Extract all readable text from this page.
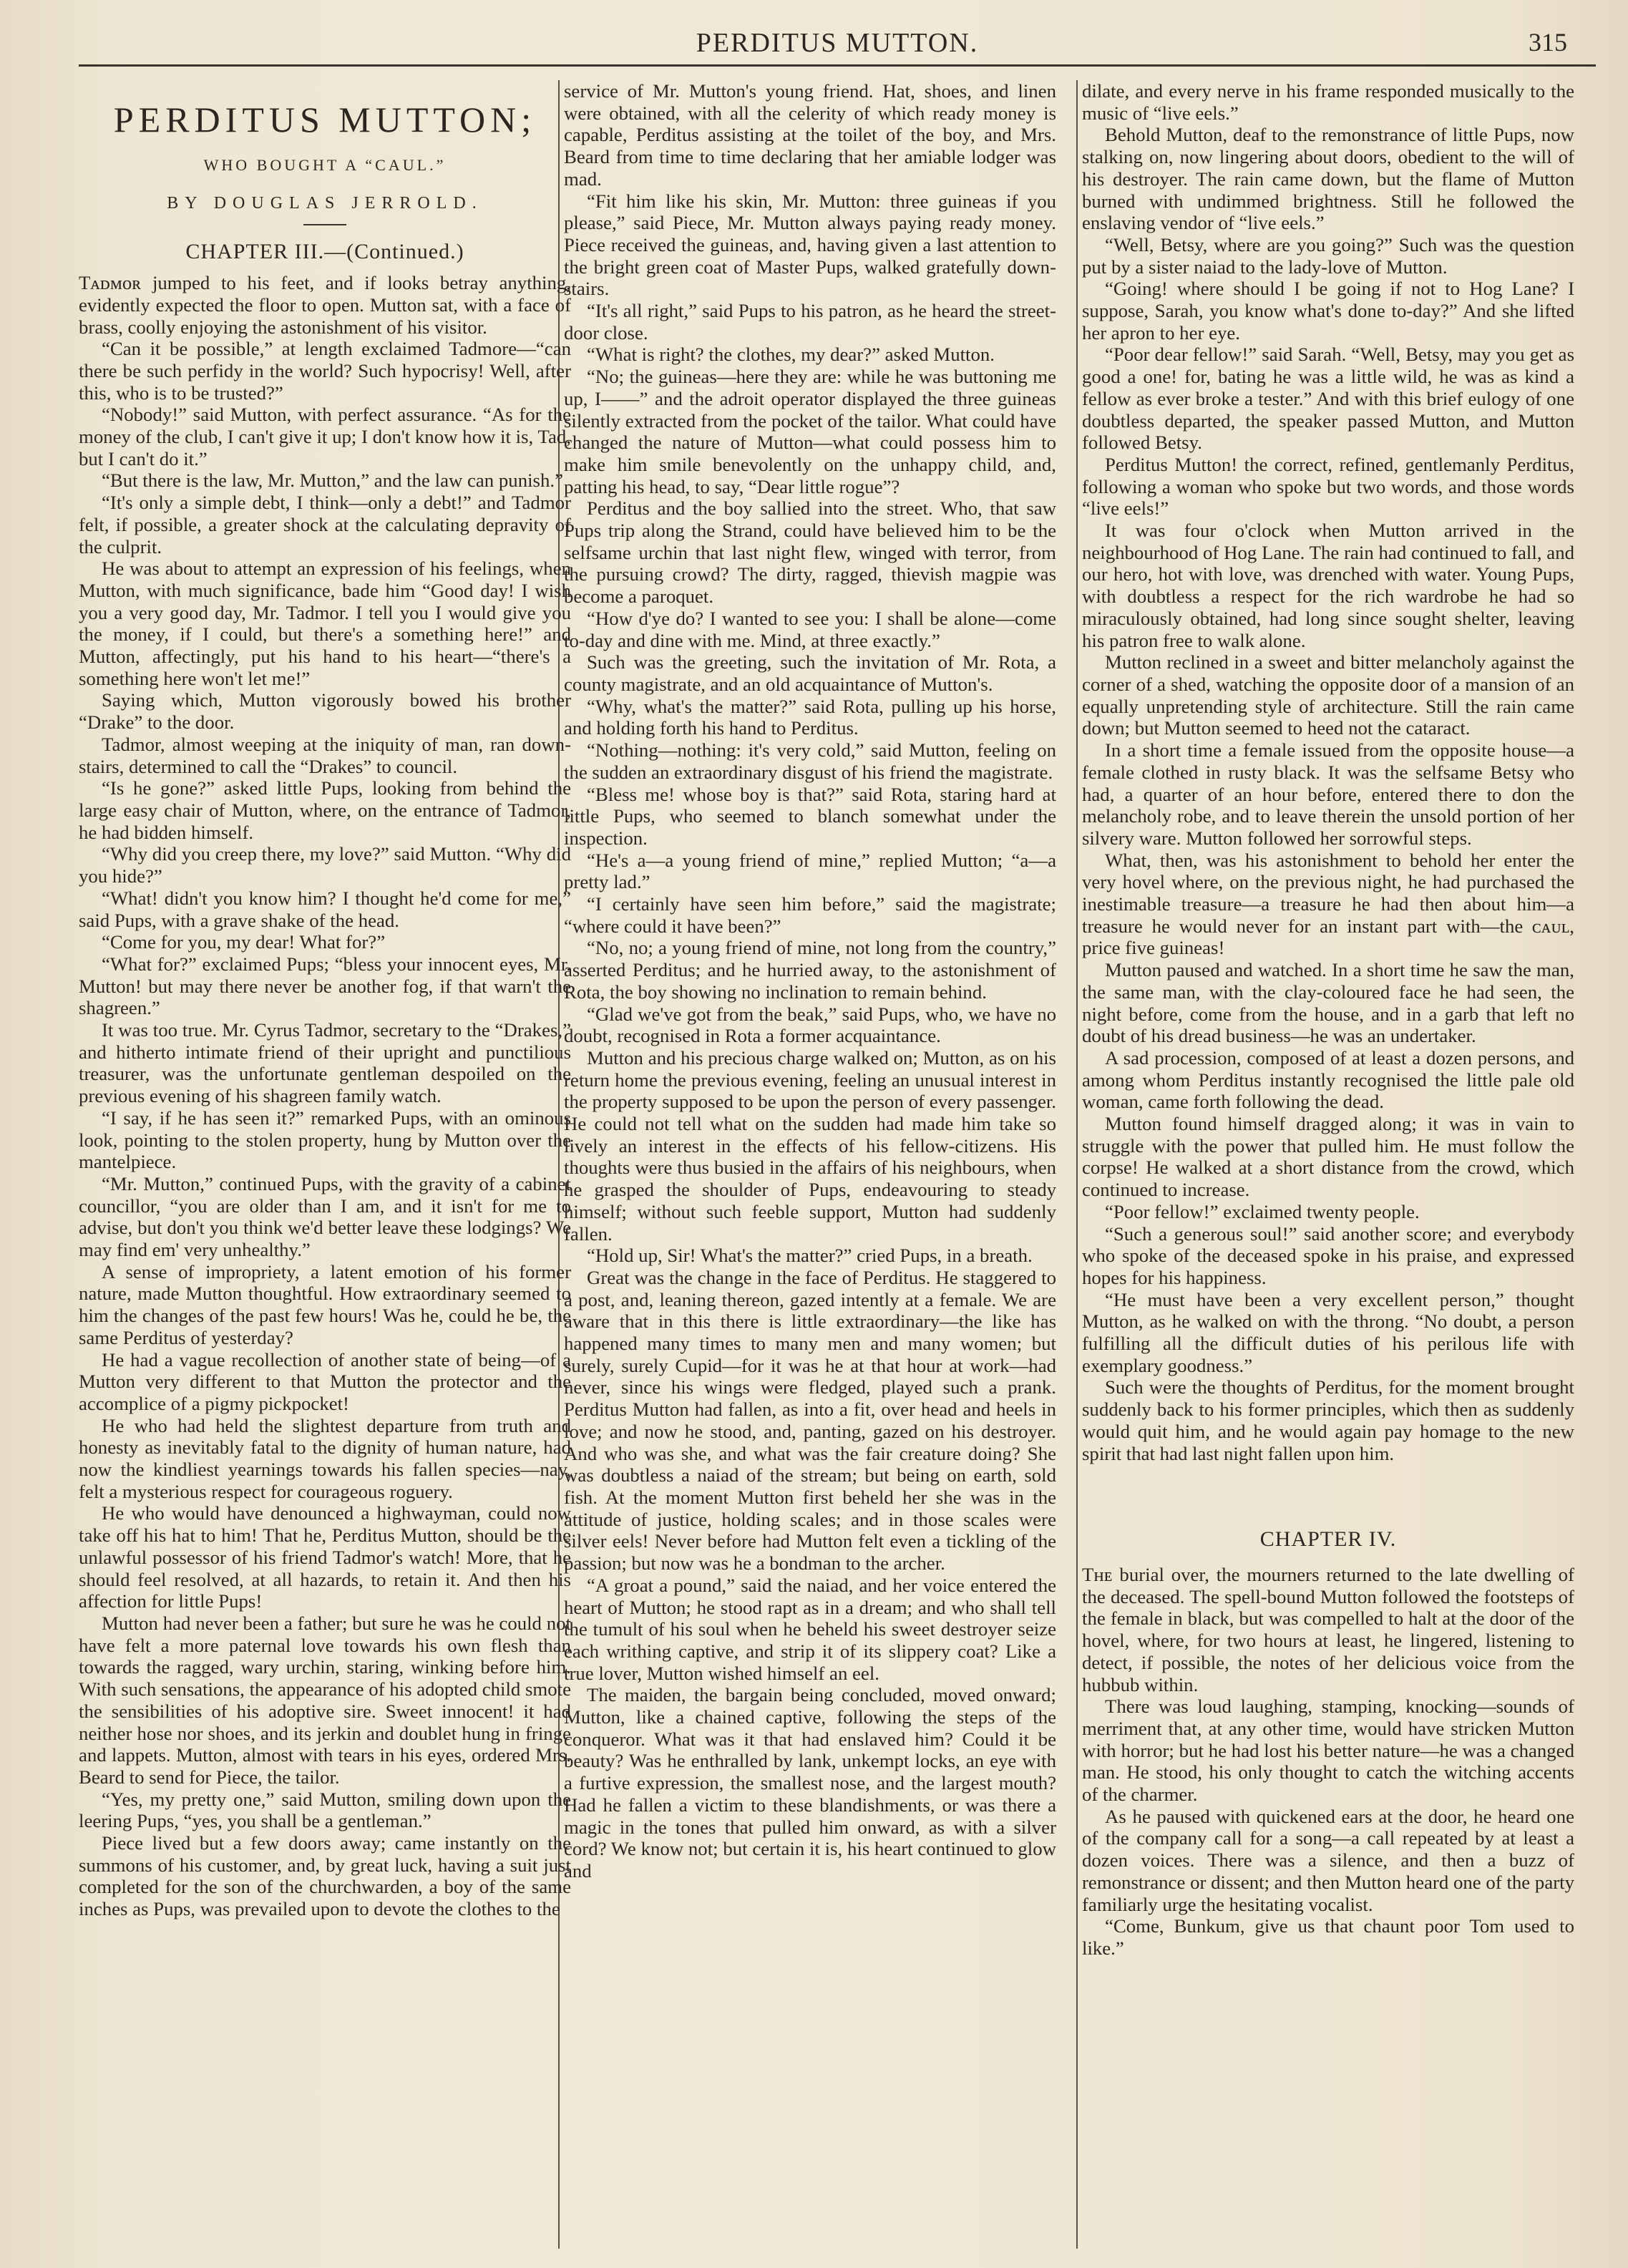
PERDITUS MUTTON.	315
PERDITUS MUTTON;
WHO BOUGHT A “CAUL.”
BY DOUGLAS JERROLD.
CHAPTER III.—(Continued.)

Tᴀᴅᴍᴏʀ jumped to his feet, and if looks betray anything, evidently expected the floor to open. Mutton sat, with a face of brass, coolly enjoying the astonishment of his visitor.

“Can it be possible,” at length exclaimed Tadmore—“can there be such perfidy in the world? Such hypocrisy! Well, after this, who is to be trusted?”

“Nobody!” said Mutton, with perfect assurance. “As for the money of the club, I can't give it up; I don't know how it is, Tad, but I can't do it.”

“But there is the law, Mr. Mutton,” and the law can punish.”

“It's only a simple debt, I think—only a debt!” and Tadmor felt, if possible, a greater shock at the calculating depravity of the culprit.

He was about to attempt an expression of his feelings, when Mutton, with much significance, bade him “Good day! I wish you a very good day, Mr. Tadmor. I tell you I would give you the money, if I could, but there's a something here!” and Mutton, affectingly, put his hand to his heart—“there's a something here won't let me!”

Saying which, Mutton vigorously bowed his brother “Drake” to the door.

Tadmor, almost weeping at the iniquity of man, ran down-stairs, determined to call the “Drakes” to council.

“Is he gone?” asked little Pups, looking from behind the large easy chair of Mutton, where, on the entrance of Tadmor, he had bidden himself.

“Why did you creep there, my love?” said Mutton. “Why did you hide?”

“What! didn't you know him? I thought he'd come for me,” said Pups, with a grave shake of the head.

“Come for you, my dear! What for?”

“What for?” exclaimed Pups; “bless your innocent eyes, Mr. Mutton! but may there never be another fog, if that warn't the shagreen.”

It was too true. Mr. Cyrus Tadmor, secretary to the “Drakes,” and hitherto intimate friend of their upright and punctilious treasurer, was the unfortunate gentleman despoiled on the previous evening of his shagreen family watch.

“I say, if he has seen it?” remarked Pups, with an ominous look, pointing to the stolen property, hung by Mutton over the mantelpiece.

“Mr. Mutton,” continued Pups, with the gravity of a cabinet councillor, “you are older than I am, and it isn't for me to advise, but don't you think we'd better leave these lodgings? We may find em' very unhealthy.”

A sense of impropriety, a latent emotion of his former nature, made Mutton thoughtful. How extraordinary seemed to him the changes of the past few hours! Was he, could he be, the same Perditus of yesterday?

He had a vague recollection of another state of being—of a Mutton very different to that Mutton the protector and the accomplice of a pigmy pickpocket!

He who had held the slightest departure from truth and honesty as inevitably fatal to the dignity of human nature, had now the kindliest yearnings towards his fallen species—nay, felt a mysterious respect for courageous roguery.

He who would have denounced a highwayman, could now take off his hat to him! That he, Perditus Mutton, should be the unlawful possessor of his friend Tadmor's watch! More, that he should feel resolved, at all hazards, to retain it. And then his affection for little Pups!

Mutton had never been a father; but sure he was he could not have felt a more paternal love towards his own flesh than towards the ragged, wary urchin, staring, winking before him. With such sensations, the appearance of his adopted child smote the sensibilities of his adoptive sire. Sweet innocent! it had neither hose nor shoes, and its jerkin and doublet hung in fringe and lappets. Mutton, almost with tears in his eyes, ordered Mrs. Beard to send for Piece, the tailor.

“Yes, my pretty one,” said Mutton, smiling down upon the leering Pups, “yes, you shall be a gentleman.”

Piece lived but a few doors away; came instantly on the summons of his customer, and, by great luck, having a suit just completed for the son of the churchwarden, a boy of the same inches as Pups, was prevailed upon to devote the clothes to the

service of Mr. Mutton's young friend. Hat, shoes, and linen were obtained, with all the celerity of which ready money is capable, Perditus assisting at the toilet of the boy, and Mrs. Beard from time to time declaring that her amiable lodger was mad.

“Fit him like his skin, Mr. Mutton: three guineas if you please,” said Piece, Mr. Mutton always paying ready money. Piece received the guineas, and, having given a last attention to the bright green coat of Master Pups, walked gratefully down-stairs.

“It's all right,” said Pups to his patron, as he heard the street-door close.

“What is right? the clothes, my dear?” asked Mutton.

“No; the guineas—here they are: while he was buttoning me up, I——” and the adroit operator displayed the three guineas silently extracted from the pocket of the tailor. What could have changed the nature of Mutton—what could possess him to make him smile benevolently on the unhappy child, and, patting his head, to say, “Dear little rogue”?

Perditus and the boy sallied into the street. Who, that saw Pups trip along the Strand, could have believed him to be the selfsame urchin that last night flew, winged with terror, from the pursuing crowd? The dirty, ragged, thievish magpie was become a paroquet.

“How d'ye do? I wanted to see you: I shall be alone—come to-day and dine with me. Mind, at three exactly.”

Such was the greeting, such the invitation of Mr. Rota, a county magistrate, and an old acquaintance of Mutton's.

“Why, what's the matter?” said Rota, pulling up his horse, and holding forth his hand to Perditus.

“Nothing—nothing: it's very cold,” said Mutton, feeling on the sudden an extraordinary disgust of his friend the magistrate.

“Bless me! whose boy is that?” said Rota, staring hard at little Pups, who seemed to blanch somewhat under the inspection.

“He's a—a young friend of mine,” replied Mutton; “a—a pretty lad.”

“I certainly have seen him before,” said the magistrate; “where could it have been?”

“No, no; a young friend of mine, not long from the country,” asserted Perditus; and he hurried away, to the astonishment of Rota, the boy showing no inclination to remain behind.

“Glad we've got from the beak,” said Pups, who, we have no doubt, recognised in Rota a former acquaintance.

Mutton and his precious charge walked on; Mutton, as on his return home the previous evening, feeling an unusual interest in the property supposed to be upon the person of every passenger. He could not tell what on the sudden had made him take so lively an interest in the effects of his fellow-citizens. His thoughts were thus busied in the affairs of his neighbours, when he grasped the shoulder of Pups, endeavouring to steady himself; without such feeble support, Mutton had suddenly fallen.

“Hold up, Sir! What's the matter?” cried Pups, in a breath.

Great was the change in the face of Perditus. He staggered to a post, and, leaning thereon, gazed intently at a female. We are aware that in this there is little extraordinary—the like has happened many times to many men and many women; but surely, surely Cupid—for it was he at that hour at work—had never, since his wings were fledged, played such a prank. Perditus Mutton had fallen, as into a fit, over head and heels in love; and now he stood, and, panting, gazed on his destroyer. And who was she, and what was the fair creature doing? She was doubtless a naiad of the stream; but being on earth, sold fish. At the moment Mutton first beheld her she was in the attitude of justice, holding scales; and in those scales were silver eels! Never before had Mutton felt even a tickling of the passion; but now was he a bondman to the archer.

“A groat a pound,” said the naiad, and her voice entered the heart of Mutton; he stood rapt as in a dream; and who shall tell the tumult of his soul when he beheld his sweet destroyer seize each writhing captive, and strip it of its slippery coat? Like a true lover, Mutton wished himself an eel.

The maiden, the bargain being concluded, moved onward; Mutton, like a chained captive, following the steps of the conqueror. What was it that had enslaved him? Could it be beauty? Was he enthralled by lank, unkempt locks, an eye with a furtive expression, the smallest nose, and the largest mouth? Had he fallen a victim to these blandishments, or was there a magic in the tones that pulled him onward, as with a silver cord? We know not; but certain it is, his heart continued to glow and

dilate, and every nerve in his frame responded musically to the music of “live eels.”

Behold Mutton, deaf to the remonstrance of little Pups, now stalking on, now lingering about doors, obedient to the will of his destroyer. The rain came down, but the flame of Mutton burned with undimmed brightness. Still he followed the enslaving vendor of “live eels.”

“Well, Betsy, where are you going?” Such was the question put by a sister naiad to the lady-love of Mutton.

“Going! where should I be going if not to Hog Lane? I suppose, Sarah, you know what's done to-day?” And she lifted her apron to her eye.

“Poor dear fellow!” said Sarah. “Well, Betsy, may you get as good a one! for, bating he was a little wild, he was as kind a fellow as ever broke a tester.” And with this brief eulogy of one doubtless departed, the speaker passed Mutton, and Mutton followed Betsy.

Perditus Mutton! the correct, refined, gentlemanly Perditus, following a woman who spoke but two words, and those words “live eels!”

It was four o'clock when Mutton arrived in the neighbourhood of Hog Lane. The rain had continued to fall, and our hero, hot with love, was drenched with water. Young Pups, with doubtless a respect for the rich wardrobe he had so miraculously obtained, had long since sought shelter, leaving his patron free to walk alone.

Mutton reclined in a sweet and bitter melancholy against the corner of a shed, watching the opposite door of a mansion of an equally unpretending style of architecture. Still the rain came down; but Mutton seemed to heed not the cataract.

In a short time a female issued from the opposite house—a female clothed in rusty black. It was the selfsame Betsy who had, a quarter of an hour before, entered there to don the melancholy robe, and to leave therein the unsold portion of her silvery ware. Mutton followed her sorrowful steps.

What, then, was his astonishment to behold her enter the very hovel where, on the previous night, he had purchased the inestimable treasure—a treasure he had then about him—a treasure he would never for an instant part with—the ᴄᴀᴜʟ, price five guineas!

Mutton paused and watched. In a short time he saw the man, the same man, with the clay-coloured face he had seen, the night before, come from the house, and in a garb that left no doubt of his dread business—he was an undertaker.

A sad procession, composed of at least a dozen persons, and among whom Perditus instantly recognised the little pale old woman, came forth following the dead.

Mutton found himself dragged along; it was in vain to struggle with the power that pulled him. He must follow the corpse! He walked at a short distance from the crowd, which continued to increase.

“Poor fellow!” exclaimed twenty people.

“Such a generous soul!” said another score; and everybody who spoke of the deceased spoke in his praise, and expressed hopes for his happiness.

“He must have been a very excellent person,” thought Mutton, as he walked on with the throng. “No doubt, a person fulfilling all the difficult duties of his perilous life with exemplary goodness.”

Such were the thoughts of Perditus, for the moment brought suddenly back to his former principles, which then as suddenly would quit him, and he would again pay homage to the new spirit that had last night fallen upon him.

CHAPTER IV.

Tʜᴇ burial over, the mourners returned to the late dwelling of the deceased. The spell-bound Mutton followed the footsteps of the female in black, but was compelled to halt at the door of the hovel, where, for two hours at least, he lingered, listening to detect, if possible, the notes of her delicious voice from the hubbub within.

There was loud laughing, stamping, knocking—sounds of merriment that, at any other time, would have stricken Mutton with horror; but he had lost his better nature—he was a changed man. He stood, his only thought to catch the witching accents of the charmer.

As he paused with quickened ears at the door, he heard one of the company call for a song—a call repeated by at least a dozen voices. There was a silence, and then a buzz of remonstrance or dissent; and then Mutton heard one of the party familiarly urge the hesitating vocalist.

“Come, Bunkum, give us that chaunt poor Tom used to like.”
